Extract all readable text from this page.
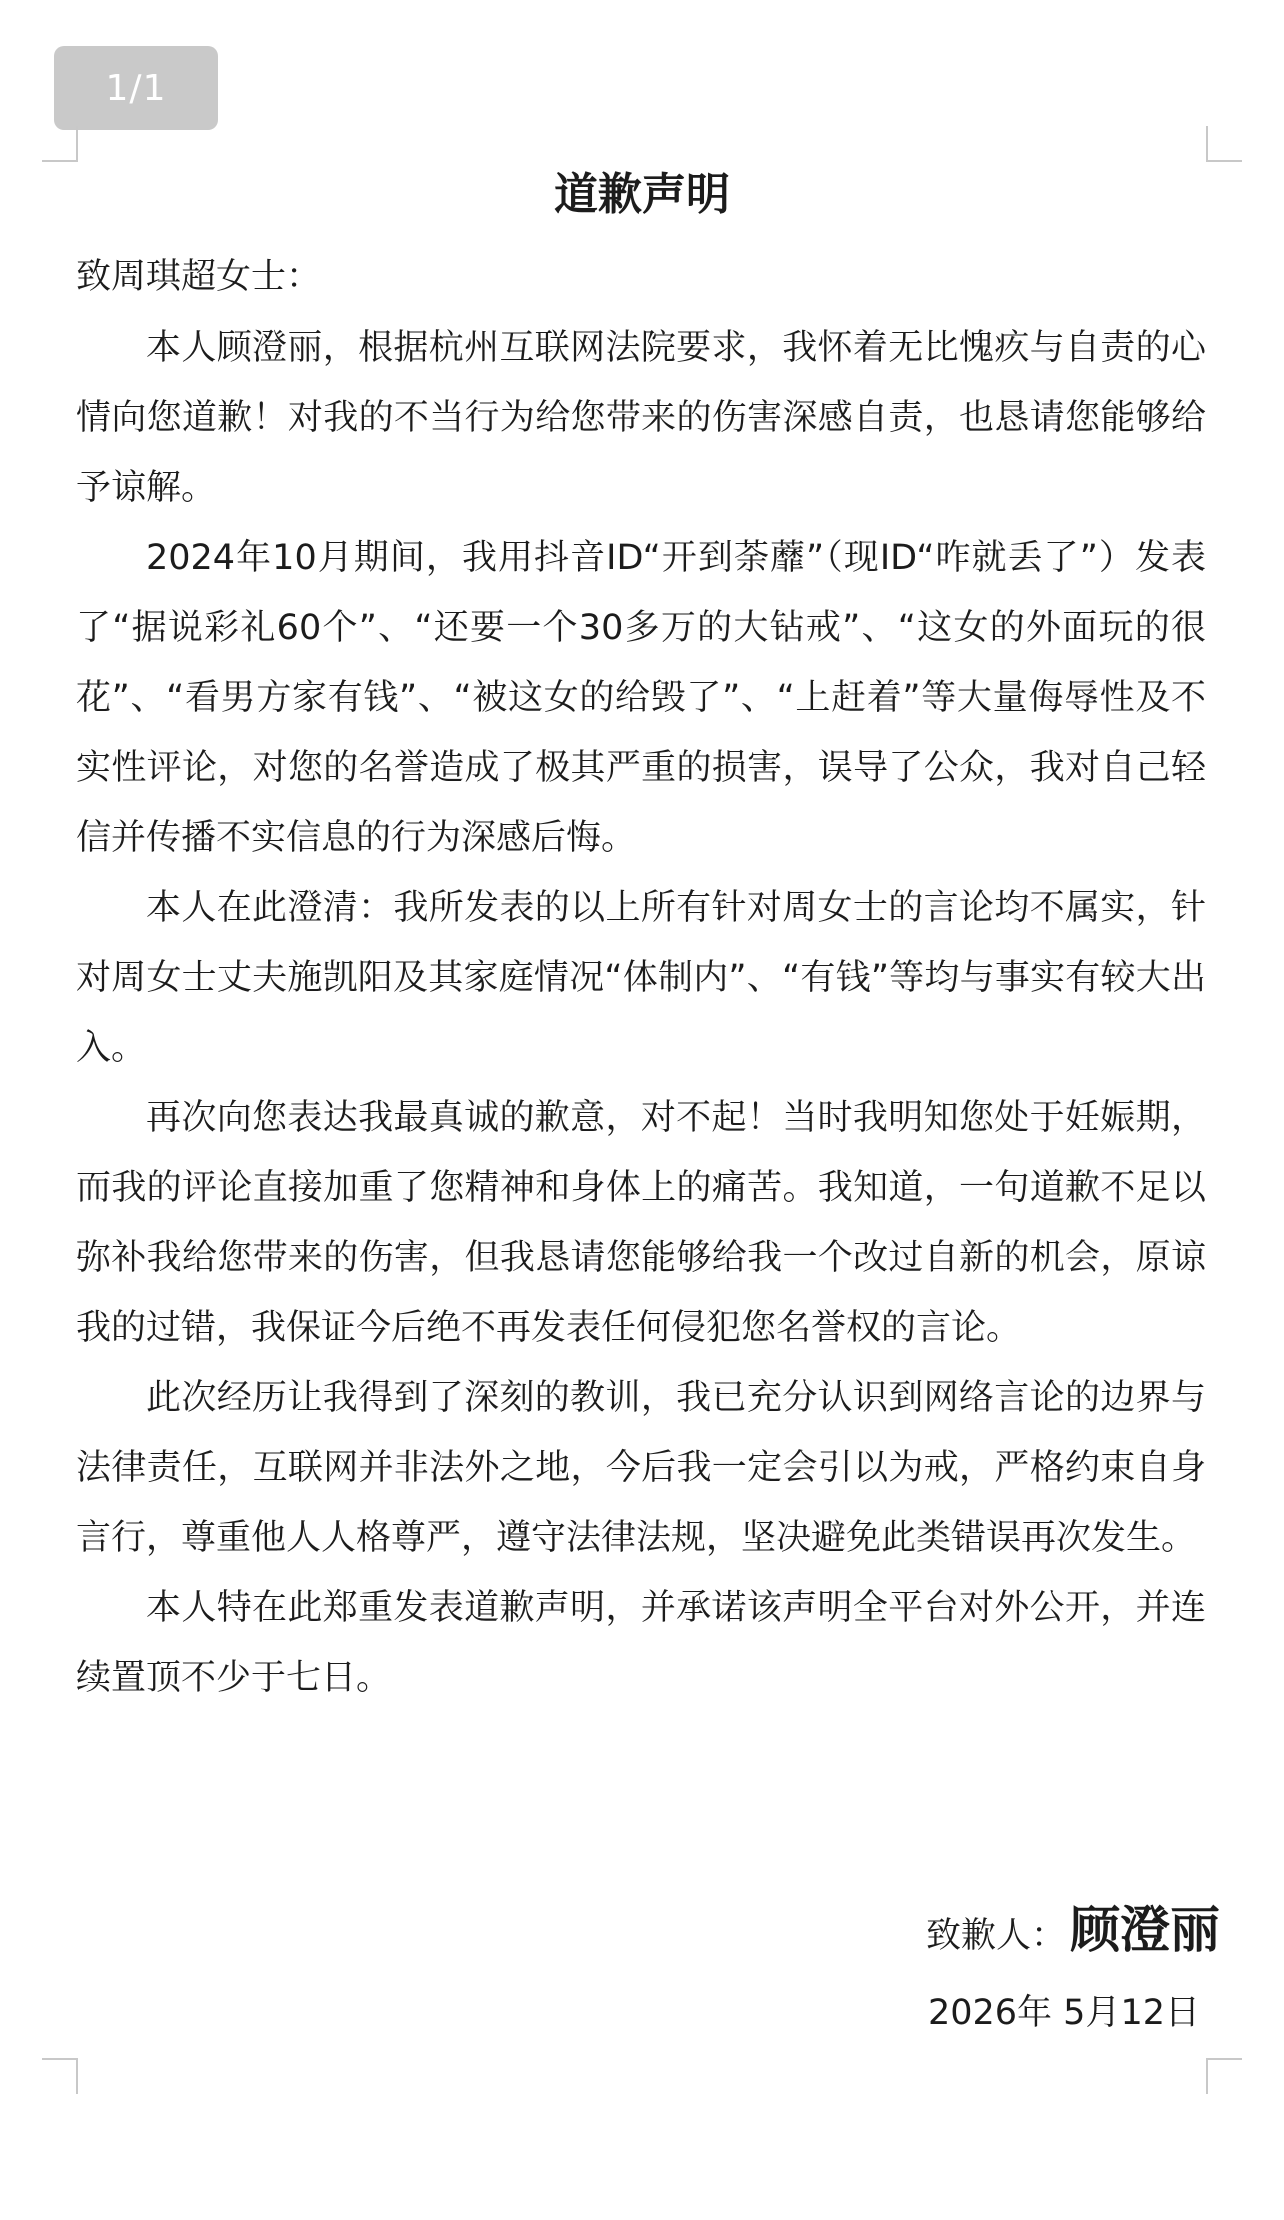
1/1
道歉声明
致周琪超女士：

本人顾澄丽，根据杭州互联网法院要求，我怀着无比愧疚与自责的心情向您道歉！对我的不当行为给您带来的伤害深感自责，也恳请您能够给予谅解。

2024年10月期间，我用抖音ID“开到荼蘼”（现ID“咋就丢了”）发表了“据说彩礼60个”、“还要一个30多万的大钻戒”、“这女的外面玩的很花”、“看男方家有钱”、“被这女的给毁了”、“上赶着”等大量侮辱性及不实性评论，对您的名誉造成了极其严重的损害，误导了公众，我对自己轻信并传播不实信息的行为深感后悔。

本人在此澄清：我所发表的以上所有针对周女士的言论均不属实，针对周女士丈夫施凯阳及其家庭情况“体制内”、“有钱”等均与事实有较大出入。

再次向您表达我最真诚的歉意，对不起！当时我明知您处于妊娠期，而我的评论直接加重了您精神和身体上的痛苦。我知道，一句道歉不足以弥补我给您带来的伤害，但我恳请您能够给我一个改过自新的机会，原谅我的过错，我保证今后绝不再发表任何侵犯您名誉权的言论。

此次经历让我得到了深刻的教训，我已充分认识到网络言论的边界与法律责任，互联网并非法外之地，今后我一定会引以为戒，严格约束自身言行，尊重他人人格尊严，遵守法律法规，坚决避免此类错误再次发生。

本人特在此郑重发表道歉声明，并承诺该声明全平台对外公开，并连续置顶不少于七日。

致歉人： 顾澄丽
2026年 5月12日
